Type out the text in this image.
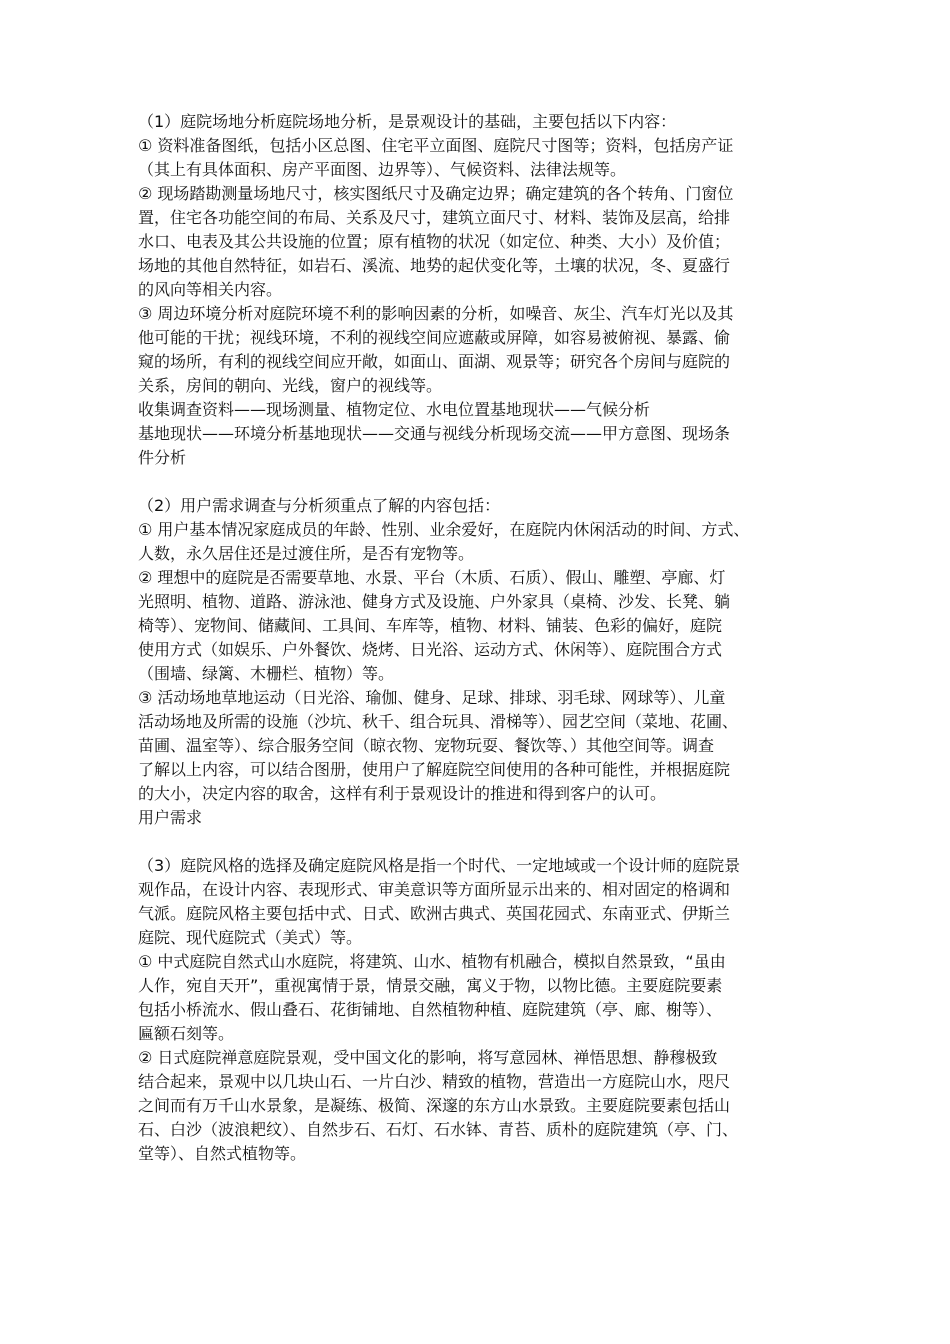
（1）庭院场地分析庭院场地分析，是景观设计的基础，主要包括以下内容：
① 资料准备图纸，包括小区总图、住宅平立面图、庭院尺寸图等；资料，包括房产证
（其上有具体面积、房产平面图、边界等）、气候资料、法律法规等。
② 现场踏勘测量场地尺寸，核实图纸尺寸及确定边界；确定建筑的各个转角、门窗位
置，住宅各功能空间的布局、关系及尺寸，建筑立面尺寸、材料、装饰及层高，给排
水口、电表及其公共设施的位置；原有植物的状况（如定位、种类、大小）及价值；
场地的其他自然特征，如岩石、溪流、地势的起伏变化等，土壤的状况，冬、夏盛行
的风向等相关内容。
③ 周边环境分析对庭院环境不利的影响因素的分析，如噪音、灰尘、汽车灯光以及其
他可能的干扰；视线环境，不利的视线空间应遮蔽或屏障，如容易被俯视、暴露、偷
窥的场所，有利的视线空间应开敞，如面山、面湖、观景等；研究各个房间与庭院的
关系，房间的朝向、光线，窗户的视线等。
收集调查资料——现场测量、植物定位、水电位置基地现状——气候分析
基地现状——环境分析基地现状——交通与视线分析现场交流——甲方意图、现场条
件分析
（2）用户需求调查与分析须重点了解的内容包括：
① 用户基本情况家庭成员的年龄、性别、业余爱好，在庭院内休闲活动的时间、方式、
人数，永久居住还是过渡住所，是否有宠物等。
② 理想中的庭院是否需要草地、水景、平台（木质、石质）、假山、雕塑、亭廊、灯
光照明、植物、道路、游泳池、健身方式及设施、户外家具（桌椅、沙发、长凳、躺
椅等）、宠物间、储藏间、工具间、车库等，植物、材料、铺装、色彩的偏好，庭院
使用方式（如娱乐、户外餐饮、烧烤、日光浴、运动方式、休闲等）、庭院围合方式
（围墙、绿篱、木栅栏、植物）等。
③ 活动场地草地运动（日光浴、瑜伽、健身、足球、排球、羽毛球、网球等）、儿童
活动场地及所需的设施（沙坑、秋千、组合玩具、滑梯等）、园艺空间（菜地、花圃、
苗圃、温室等）、综合服务空间（晾衣物、宠物玩耍、餐饮等、）其他空间等。调查
了解以上内容，可以结合图册，使用户了解庭院空间使用的各种可能性，并根据庭院
的大小，决定内容的取舍，这样有利于景观设计的推进和得到客户的认可。
用户需求
（3）庭院风格的选择及确定庭院风格是指一个时代、一定地域或一个设计师的庭院景
观作品，在设计内容、表现形式、审美意识等方面所显示出来的、相对固定的格调和
气派。庭院风格主要包括中式、日式、欧洲古典式、英国花园式、东南亚式、伊斯兰
庭院、现代庭院式（美式）等。
① 中式庭院自然式山水庭院，将建筑、山水、植物有机融合，模拟自然景致，“虽由
人作，宛自天开”，重视寓情于景，情景交融，寓义于物，以物比德。主要庭院要素
包括小桥流水、假山叠石、花街铺地、自然植物种植、庭院建筑（亭、廊、榭等）、
匾额石刻等。
② 日式庭院禅意庭院景观，受中国文化的影响，将写意园林、禅悟思想、静穆极致
结合起来，景观中以几块山石、一片白沙、精致的植物，营造出一方庭院山水，咫尺
之间而有万千山水景象，是凝练、极简、深邃的东方山水景致。主要庭院要素包括山
石、白沙（波浪耙纹）、自然步石、石灯、石水钵、青苔、质朴的庭院建筑（亭、门、
堂等）、自然式植物等。
